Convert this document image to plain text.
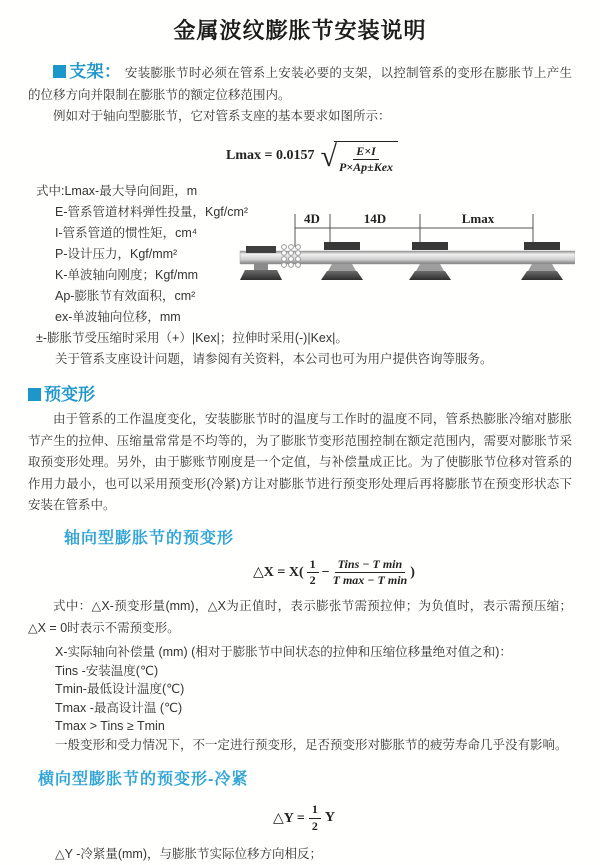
金属波纹膨胀节安装说明

支架： 安装膨胀节时必须在管系上安装必要的支架，以控制管系的变形在膨胀节上产生的位移方向并限制在膨胀节的额定位移范围内。

例如对于轴向型膨胀节，它对管系支座的基本要求如图所示：

Lmax = 0.0157 √ $\frac{E\times I}{\text{P×Ap±Kex}}$
式中:Lmax-最大导向间距，m
E-管系管道材料弹性投量，Kgf/cm²
I-管系管道的惯性矩，cm⁴
P-设计压力，Kgf/mm²
K-单波轴向刚度；Kgf/mm
Ap-膨胀节有效面积，cm²
ex-单波轴向位移，mm
4D	14D	Lmax
±-膨胀节受压缩时采用（+）|Kex|；拉伸时采用(-)|Kex|。
关于管系支座设计问题，请参阅有关资料，本公司也可为用户提供咨询等服务。
预变形

由于管系的工作温度变化，安装膨胀节时的温度与工作时的温度不同，管系热膨胀冷缩对膨胀节产生的拉伸、压缩量常常是不均等的，为了膨胀节变形范围控制在额定范围内，需要对膨胀节采取预变形处理。另外，由于膨账节刚度是一个定值，与补偿量成正比。为了使膨胀节位移对管系的作用力最小，也可以采用预变形(冷紧)方让对膨胀节进行预变形处理后再将膨胀节在预变形状态下安装在管系中。

轴向型膨胀节的预变形
△X = $X( \frac{1}{2} - \frac{\text{Tins − T min}}{\text{T max − T min}}$ )

式中：△X-预变形量(mm)，△X为正值时，表示膨张节需预拉伸；为负值时，表示需预压缩；△X = 0时表示不需预变形。

X-实际轴向补偿量 (mm) (相对于膨胀节中间状态的拉伸和压缩位移量绝对值之和)：
Tins -安装温度(℃)
Tmin-最低设计温度(℃)
Tmax -最高设计温 (℃)
Tmax > Tins ≥ Tmin
一般变形和受力情况下，不一定进行预变形，足否预变形对膨胀节的疲劳寿命几乎没有影响。
横向型膨胀节的预变形-冷紧
△Y = $\frac{1}{2}$ Y
△Y -冷紧量(mm)，与膨胀节实际位移方向相反；
